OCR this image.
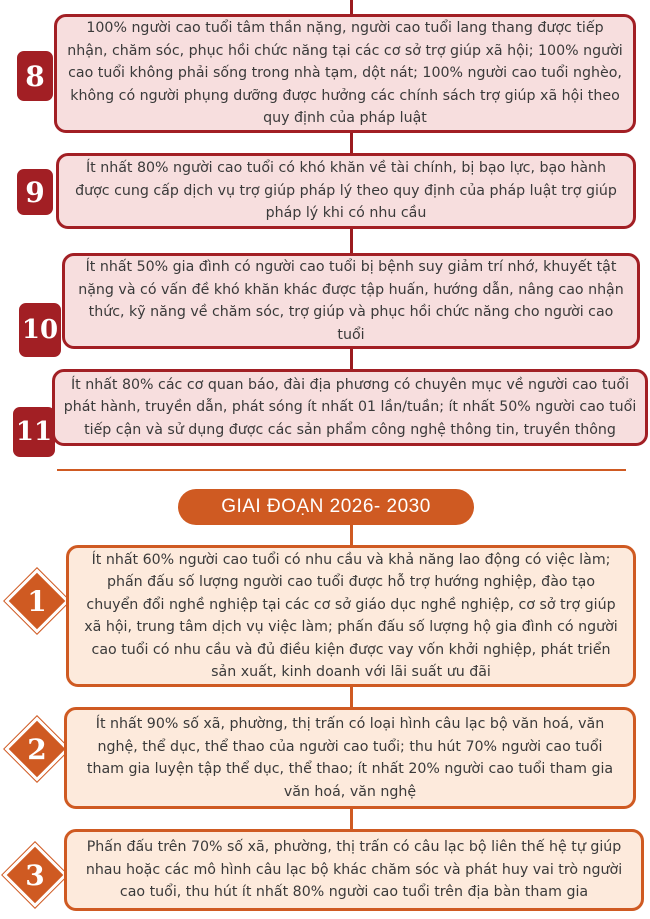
8
100% người cao tuổi tâm thần nặng, người cao tuổi lang thang được tiếp nhận, chăm sóc, phục hồi chức năng tại các cơ sở trợ giúp xã hội; 100% người cao tuổi không phải sống trong nhà tạm, dột nát; 100% người cao tuổi nghèo, không có người phụng dưỡng được hưởng các chính sách trợ giúp xã hội theo quy định của pháp luật
9
Ít nhất 80% người cao tuổi có khó khăn về tài chính, bị bạo lực, bạo hành được cung cấp dịch vụ trợ giúp pháp lý theo quy định của pháp luật trợ giúp pháp lý khi có nhu cầu
10
Ít nhất 50% gia đình có người cao tuổi bị bệnh suy giảm trí nhớ, khuyết tật nặng và có vấn đề khó khăn khác được tập huấn, hướng dẫn, nâng cao nhận thức, kỹ năng về chăm sóc, trợ giúp và phục hồi chức năng cho người cao tuổi
11
Ít nhất 80% các cơ quan báo, đài địa phương có chuyên mục về người cao tuổi phát hành, truyền dẫn, phát sóng ít nhất 01 lần/tuần; ít nhất 50% người cao tuổi tiếp cận và sử dụng được các sản phẩm công nghệ thông tin, truyền thông
GIAI ĐOẠN 2026- 2030
1
Ít nhất 60% người cao tuổi có nhu cầu và khả năng lao động có việc làm; phấn đấu số lượng người cao tuổi được hỗ trợ hướng nghiệp, đào tạo chuyển đổi nghề nghiệp tại các cơ sở giáo dục nghề nghiệp, cơ sở trợ giúp xã hội, trung tâm dịch vụ việc làm; phấn đấu số lượng hộ gia đình có người cao tuổi có nhu cầu và đủ điều kiện được vay vốn khởi nghiệp, phát triển sản xuất, kinh doanh với lãi suất ưu đãi
2
Ít nhất 90% số xã, phường, thị trấn có loại hình câu lạc bộ văn hoá, văn nghệ, thể dục, thể thao của người cao tuổi; thu hút 70% người cao tuổi tham gia luyện tập thể dục, thể thao; ít nhất 20% người cao tuổi tham gia văn hoá, văn nghệ
3
Phấn đấu trên 70% số xã, phường, thị trấn có câu lạc bộ liên thế hệ tự giúp nhau hoặc các mô hình câu lạc bộ khác chăm sóc và phát huy vai trò người cao tuổi, thu hút ít nhất 80% người cao tuổi trên địa bàn tham gia
